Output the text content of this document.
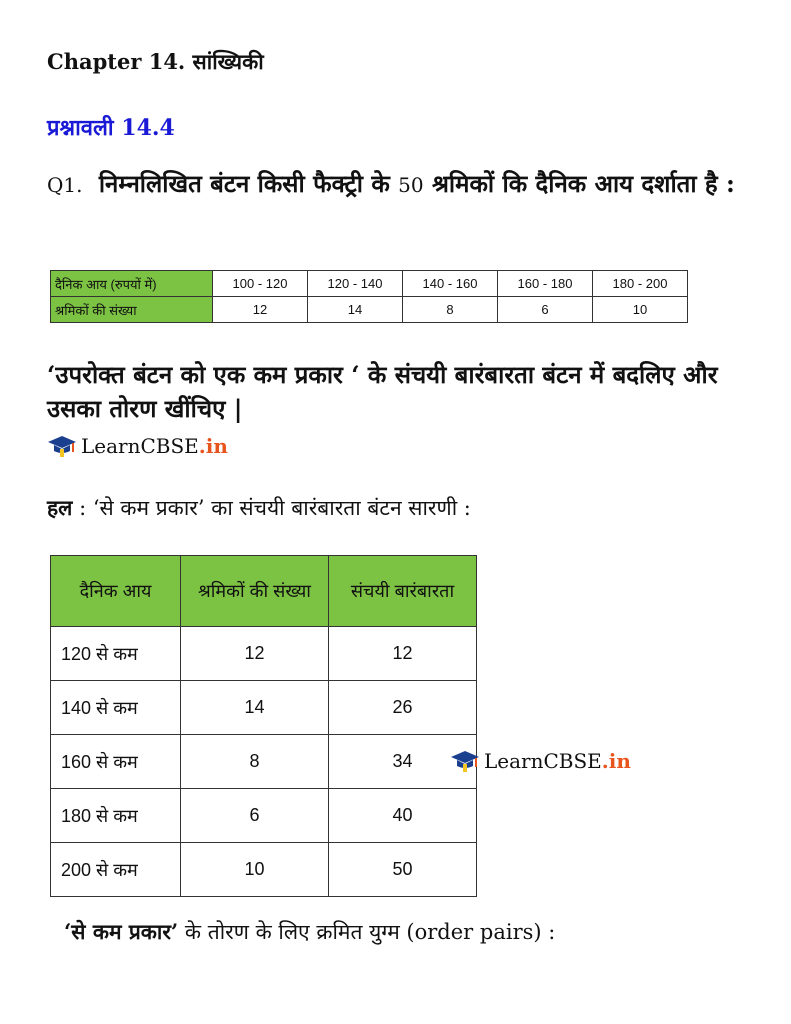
Chapter 14. सांख्यिकी
प्रश्नावली 14.4
Q1. निम्नलिखित बंटन किसी फैक्ट्री के 50 श्रमिकों कि दैनिक आय दर्शाता है :
दैनिक आय (रुपयों में)	100 - 120	120 - 140	140 - 160	160 - 180	180 - 200
श्रमिकों की संख्या	12	14	8	6	10
‘उपरोक्त बंटन को एक कम प्रकार ‘ के संचयी बारंबारता बंटन में बदलिए और उसका तोरण खींचिए |
LearnCBSE .in
हल : ‘से कम प्रकार’ का संचयी बारंबारता बंटन सारणी :
दैनिक आय	श्रमिकों की संख्या	संचयी बारंबारता
120 से कम	12	12
140 से कम	14	26
160 से कम	8	34
180 से कम	6	40
200 से कम	10	50
LearnCBSE .in
‘से कम प्रकार’ के तोरण के लिए क्रमित युग्म (order pairs) :
